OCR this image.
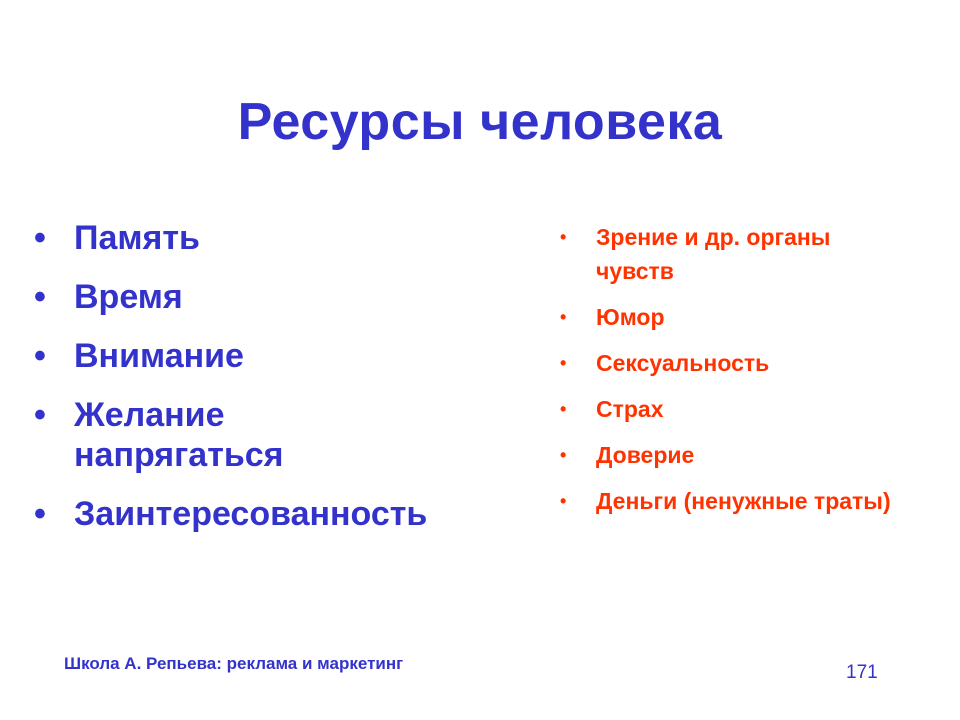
Ресурсы человека
• Память
• Время
• Внимание
• Желание напрягаться
• Заинтересованность
• Зрение и др. органы чувств
• Юмор
• Сексуальность
• Страх
• Доверие
• Деньги (ненужные траты)
Школа А. Репьева: реклама и маркетинг	171
